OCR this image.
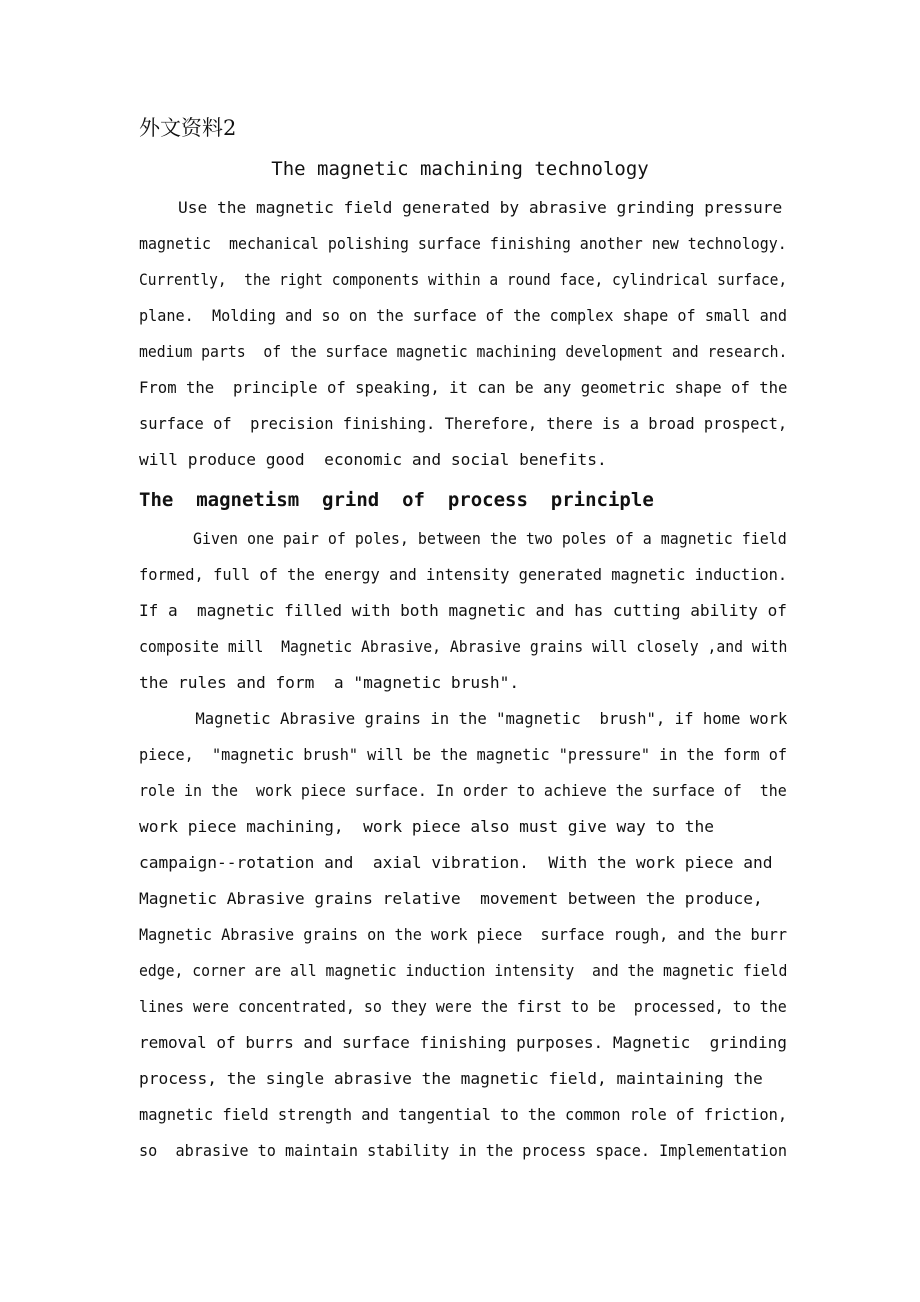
外文资料2
The magnetic machining technology
Use the magnetic field generated by abrasive grinding pressure
magnetic  mechanical polishing surface finishing another new technology.
Currently,  the right components within a round face, cylindrical surface,
plane.  Molding and so on the surface of the complex shape of small and
medium parts  of the surface magnetic machining development and research.
From the  principle of speaking, it can be any geometric shape of the
surface of  precision finishing. Therefore, there is a broad prospect,
will produce good  economic and social benefits.
The  magnetism  grind  of  process  principle
Given one pair of poles, between the two poles of a magnetic field
formed, full of the energy and intensity generated magnetic induction.
If a  magnetic filled with both magnetic and has cutting ability of
composite mill  Magnetic Abrasive, Abrasive grains will closely ,and with
the rules and form  a "magnetic brush".
Magnetic Abrasive grains in the "magnetic  brush", if home work
piece,  "magnetic brush" will be the magnetic "pressure" in the form of
role in the  work piece surface. In order to achieve the surface of  the
work piece machining,  work piece also must give way to the
campaign--rotation and  axial vibration.  With the work piece and
Magnetic Abrasive grains relative  movement between the produce,
Magnetic Abrasive grains on the work piece  surface rough, and the burr
edge, corner are all magnetic induction intensity  and the magnetic field
lines were concentrated, so they were the first to be  processed, to the
removal of burrs and surface finishing purposes. Magnetic  grinding
process, the single abrasive the magnetic field, maintaining the
magnetic field strength and tangential to the common role of friction,
so  abrasive to maintain stability in the process space. Implementation
